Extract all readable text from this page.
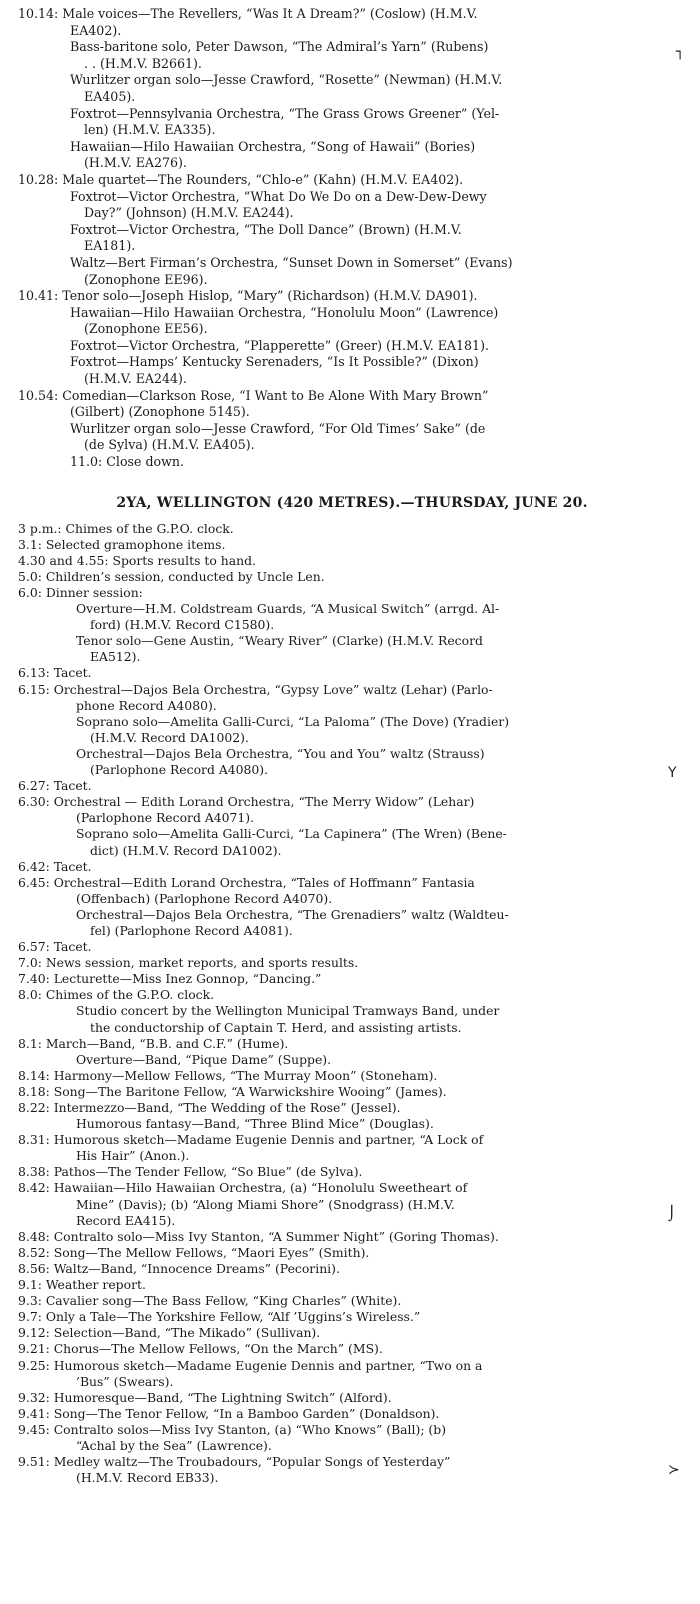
10.14: Male voices—The Revellers, “Was It A Dream?” (Coslow) (H.M.V.
EA402).

Bass-baritone solo, Peter Dawson, “The Admiral’s Yarn” (Rubens)
. . (H.M.V. B2661).

Wurlitzer organ solo—Jesse Crawford, “Rosette” (Newman) (H.M.V.
EA405).

Foxtrot—Pennsylvania Orchestra, “The Grass Grows Greener” (Yel-
len) (H.M.V. EA335).

Hawaiian—Hilo Hawaiian Orchestra, “Song of Hawaii” (Bories)
(H.M.V. EA276).

10.28: Male quartet—The Rounders, “Chlo-e” (Kahn) (H.M.V. EA402).

Foxtrot—Victor Orchestra, “What Do We Do on a Dew-Dew-Dewy
Day?” (Johnson) (H.M.V. EA244).

Foxtrot—Victor Orchestra, “The Doll Dance” (Brown) (H.M.V.
EA181).

Waltz—Bert Firman’s Orchestra, “Sunset Down in Somerset” (Evans)
(Zonophone EE96).

10.41: Tenor solo—Joseph Hislop, “Mary” (Richardson) (H.M.V. DA901).

Hawaiian—Hilo Hawaiian Orchestra, “Honolulu Moon” (Lawrence)
(Zonophone EE56).

Foxtrot—Victor Orchestra, “Plapperette” (Greer) (H.M.V. EA181).

Foxtrot—Hamps’ Kentucky Serenaders, “Is It Possible?” (Dixon)
(H.M.V. EA244).

10.54: Comedian—Clarkson Rose, “I Want to Be Alone With Mary Brown”
(Gilbert) (Zonophone 5145).

Wurlitzer organ solo—Jesse Crawford, “For Old Times’ Sake” (de
(de Sylva) (H.M.V. EA405).

11.0: Close down.

2YA, WELLINGTON (420 METRES).—THURSDAY, JUNE 20.

3 p.m.: Chimes of the G.P.O. clock.

3.1: Selected gramophone items.

4.30 and 4.55: Sports results to hand.

5.0: Children’s session, conducted by Uncle Len.

6.0: Dinner session:

Overture—H.M. Coldstream Guards, “A Musical Switch” (arrgd. Al-
ford) (H.M.V. Record C1580).

Tenor solo—Gene Austin, “Weary River” (Clarke) (H.M.V. Record
EA512).

6.13: Tacet.

6.15: Orchestral—Dajos Bela Orchestra, “Gypsy Love” waltz (Lehar) (Parlo-
phone Record A4080).

Soprano solo—Amelita Galli-Curci, “La Paloma” (The Dove) (Yradier)
(H.M.V. Record DA1002).

Orchestral—Dajos Bela Orchestra, “You and You” waltz (Strauss)
(Parlophone Record A4080).

6.27: Tacet.

6.30: Orchestral — Edith Lorand Orchestra, “The Merry Widow” (Lehar)
(Parlophone Record A4071).

Soprano solo—Amelita Galli-Curci, “La Capinera” (The Wren) (Bene-
dict) (H.M.V. Record DA1002).

6.42: Tacet.

6.45: Orchestral—Edith Lorand Orchestra, “Tales of Hoffmann” Fantasia
(Offenbach) (Parlophone Record A4070).

Orchestral—Dajos Bela Orchestra, “The Grenadiers” waltz (Waldteu-
fel) (Parlophone Record A4081).

6.57: Tacet.

7.0: News session, market reports, and sports results.

7.40: Lecturette—Miss Inez Gonnop, “Dancing.”

8.0: Chimes of the G.P.O. clock.

Studio concert by the Wellington Municipal Tramways Band, under
the conductorship of Captain T. Herd, and assisting artists.

8.1: March—Band, “B.B. and C.F.” (Hume).

Overture—Band, “Pique Dame” (Suppe).

8.14: Harmony—Mellow Fellows, “The Murray Moon” (Stoneham).

8.18: Song—The Baritone Fellow, “A Warwickshire Wooing” (James).

8.22: Intermezzo—Band, “The Wedding of the Rose” (Jessel).

Humorous fantasy—Band, “Three Blind Mice” (Douglas).

8.31: Humorous sketch—Madame Eugenie Dennis and partner, “A Lock of
His Hair” (Anon.).

8.38: Pathos—The Tender Fellow, “So Blue” (de Sylva).

8.42: Hawaiian—Hilo Hawaiian Orchestra, (a) “Honolulu Sweetheart of
Mine” (Davis); (b) “Along Miami Shore” (Snodgrass) (H.M.V.
Record EA415).

8.48: Contralto solo—Miss Ivy Stanton, “A Summer Night” (Goring Thomas).

8.52: Song—The Mellow Fellows, “Maori Eyes” (Smith).

8.56: Waltz—Band, “Innocence Dreams” (Pecorini).

9.1: Weather report.

9.3: Cavalier song—The Bass Fellow, “King Charles” (White).

9.7: Only a Tale—The Yorkshire Fellow, “Alf ’Uggins’s Wireless.”

9.12: Selection—Band, “The Mikado” (Sullivan).

9.21: Chorus—The Mellow Fellows, “On the March” (MS).

9.25: Humorous sketch—Madame Eugenie Dennis and partner, “Two on a
’Bus” (Swears).

9.32: Humoresque—Band, “The Lightning Switch” (Alford).

9.41: Song—The Tenor Fellow, “In a Bamboo Garden” (Donaldson).

9.45: Contralto solos—Miss Ivy Stanton, (a) “Who Knows” (Ball); (b)
“Achal by the Sea” (Lawrence).

9.51: Medley waltz—The Troubadours, “Popular Songs of Yesterday”
(H.M.V. Record EB33).

┐
Υ
⌡
≻
